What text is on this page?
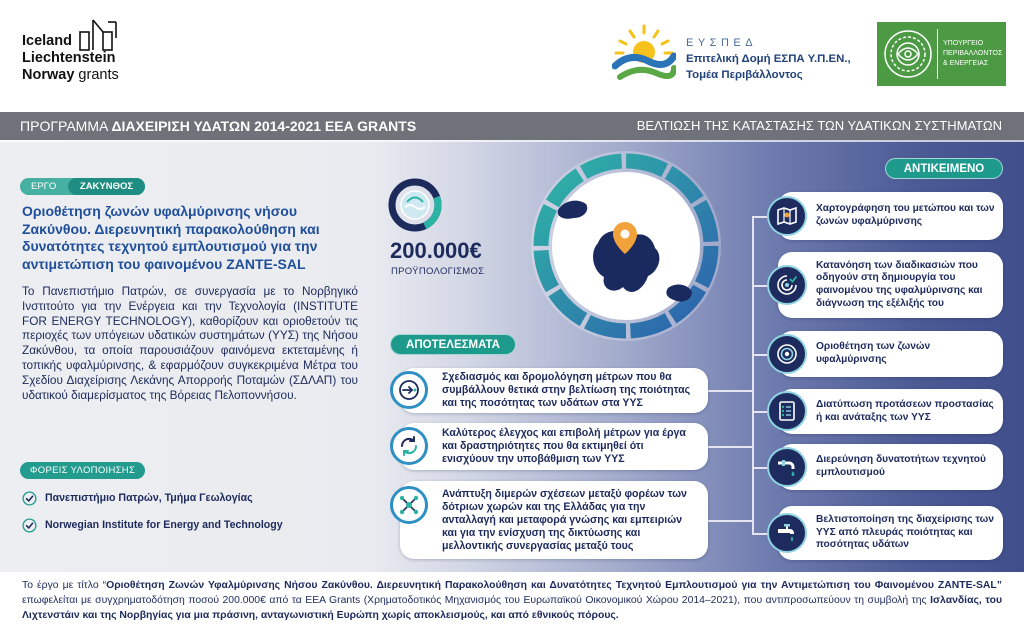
Iceland
Liechtenstein
Norway grants
ΕΥΣΠΕΔ
Επιτελική Δομή ΕΣΠΑ Υ.Π.ΕΝ.,
Τομέα Περιβάλλοντος
ΥΠΟΥΡΓΕΙΟ
ΠΕΡΙΒΑΛΛΟΝΤΟΣ
& ΕΝΕΡΓΕΙΑΣ
ΠΡΟΓΡΑΜΜΑ ΔΙΑΧΕΙΡΙΣΗ ΥΔΑΤΩΝ 2014-2021 EEA GRANTS	ΒΕΛΤΙΩΣΗ ΤΗΣ ΚΑΤΑΣΤΑΣΗΣ ΤΩΝ ΥΔΑΤΙΚΩΝ ΣΥΣΤΗΜΑΤΩΝ
ΕΡΓΟ	ΖΑΚΥΝΘΟΣ
Οριοθέτηση ζωνών υφαλμύρινσης νήσου Ζακύνθου. Διερευνητική παρακολούθηση και δυνατότητες τεχνητού εμπλουτισμού για την αντιμετώπιση του φαινομένου ZANTE-SAL
Το Πανεπιστήμιο Πατρών, σε συνεργασία με το Νορβηγικό Ινστιτούτο για την Ενέργεια και την Τεχνολογία (INSTITUTE FOR ENERGY TECHNOLOGY), καθορίζουν και οριοθετούν τις περιοχές των υπόγειων υδατικών συστημάτων (ΥΥΣ) της Νήσου Ζακύνθου, τα οποία παρουσιάζουν φαινόμενα εκτεταμένης ή τοπικής υφαλμύρινσης, & εφαρμόζουν συγκεκριμένα Μέτρα του Σχεδίου Διαχείρισης Λεκάνης Απορροής Ποταμών (ΣΔΛΑΠ) του υδατικού διαμερίσματος της Βόρειας Πελοποννήσου.
ΦΟΡΕΙΣ ΥΛΟΠΟΙΗΣΗΣ
Πανεπιστήμιο Πατρών, Τμήμα Γεωλογίας
Norwegian Institute for Energy and Technology
200.000€
ΠΡΟΫΠΟΛΟΓΙΣΜΟΣ
ΑΠΟΤΕΛΕΣΜΑΤΑ
Σχεδιασμός και δρομολόγηση μέτρων που θα συμβάλλουν θετικά στην βελτίωση της ποιότητας και της ποσότητας των υδάτων στα ΥΥΣ
Καλύτερος έλεγχος και επιβολή μέτρων για έργα και δραστηριότητες που θα εκτιμηθεί ότι ενισχύουν την υποβάθμιση των ΥΥΣ
Ανάπτυξη διμερών σχέσεων μεταξύ φορέων των δότριων χωρών και της Ελλάδας για την ανταλλαγή και μεταφορά γνώσης και εμπειριών και για την ενίσχυση της δικτύωσης και μελλοντικής συνεργασίας μεταξύ τους
ΑΝΤΙΚΕΙΜΕΝΟ
Χαρτογράφηση του μετώπου και των ζωνών υφαλμύρινσης
Κατανόηση των διαδικασιών που οδηγούν στη δημιουργία του φαινομένου της υφαλμύρινσης και διάγνωση της εξέλιξής του
Οριοθέτηση των ζωνών υφαλμύρινσης
Διατύπωση προτάσεων προστασίας ή και ανάταξης των ΥΥΣ
Διερεύνηση δυνατοτήτων τεχνητού εμπλουτισμού
Βελτιστοποίηση της διαχείρισης των ΥΥΣ από πλευράς ποιότητας και ποσότητας υδάτων
Το έργο με τίτλο “Οριοθέτηση Ζωνών Υφαλμύρινσης Νήσου Ζακύνθου. Διερευνητική Παρακολούθηση και Δυνατότητες Τεχνητού Εμπλουτισμού για την Αντιμετώπιση του Φαινομένου ZANTE-SAL” επωφελείται με συγχρηματοδότηση ποσού 200.000€ από τα EEA Grants (Χρηματοδοτικός Μηχανισμός του Ευρωπαϊκού Οικονομικού Χώρου 2014–2021), που αντιπροσωπεύουν τη συμβολή της Ισλανδίας, του Λιχτενστάιν και της Νορβηγίας για μια πράσινη, ανταγωνιστική Ευρώπη χωρίς αποκλεισμούς, και από εθνικούς πόρους.
